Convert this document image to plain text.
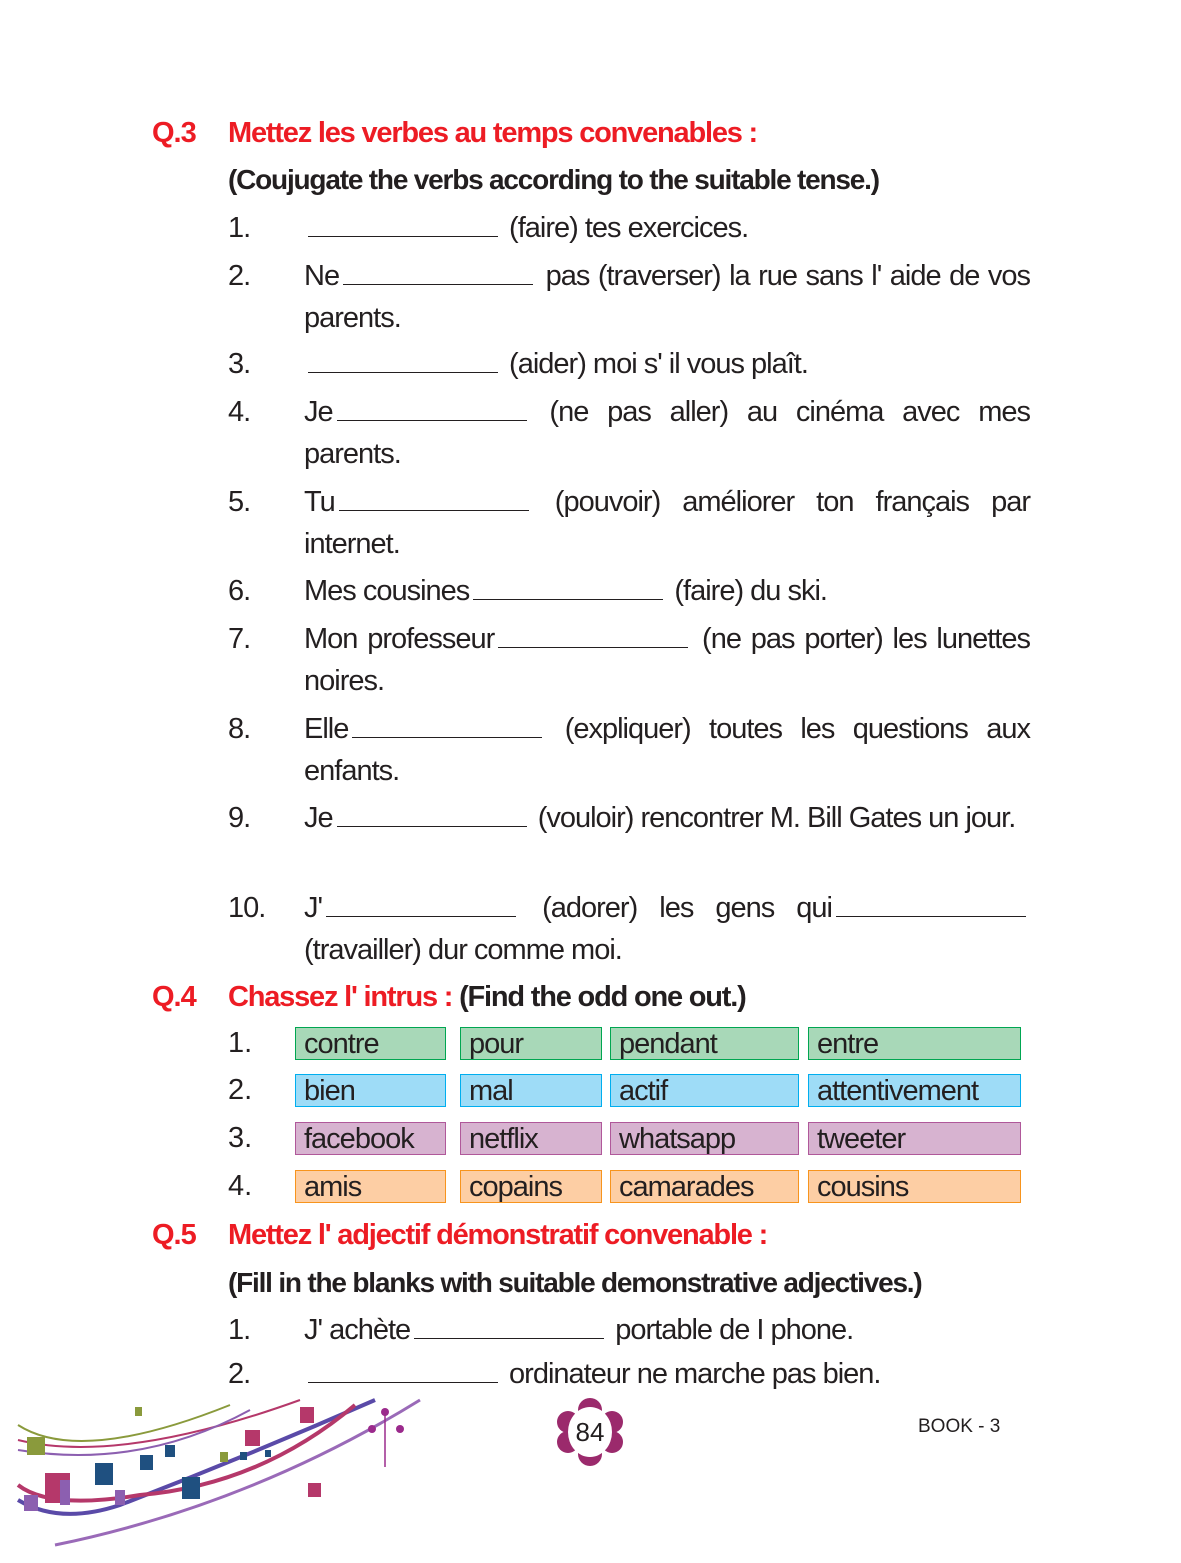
Q.3 Mettez les verbes au temps convenables :
(Coujugate the verbs according to the suitable tense.)
1.	(faire) tes exercices.
2. Ne	pas (traverser) la rue sans l' aide de vos parents.
3.	(aider) moi s' il vous plaît.
4. Je	(ne pas aller) au cinéma avec mes parents.
5. Tu	(pouvoir) améliorer ton français par internet.
6. Mes cousines	(faire) du ski.
7. Mon professeur	(ne pas porter) les lunettes noires.
8. Elle	(expliquer) toutes les questions aux enfants.
9. Je	(vouloir) rencontrer M. Bill Gates un jour.
10. J'	(adorer) les gens qui (travailler) dur comme moi.
Q.4 Chassez l' intrus : (Find the odd one out.)
1.	contre	pour	pendant	entre
2.	bien	mal	actif	attentivement
3.	facebook	netflix	whatsapp	tweeter
4.	amis	copains	camarades	cousins
Q.5 Mettez l' adjectif démonstratif convenable :
(Fill in the blanks with suitable demonstrative adjectives.)
1. J' achète	portable de I phone.
2.	ordinateur ne marche pas bien.
84	BOOK - 3
